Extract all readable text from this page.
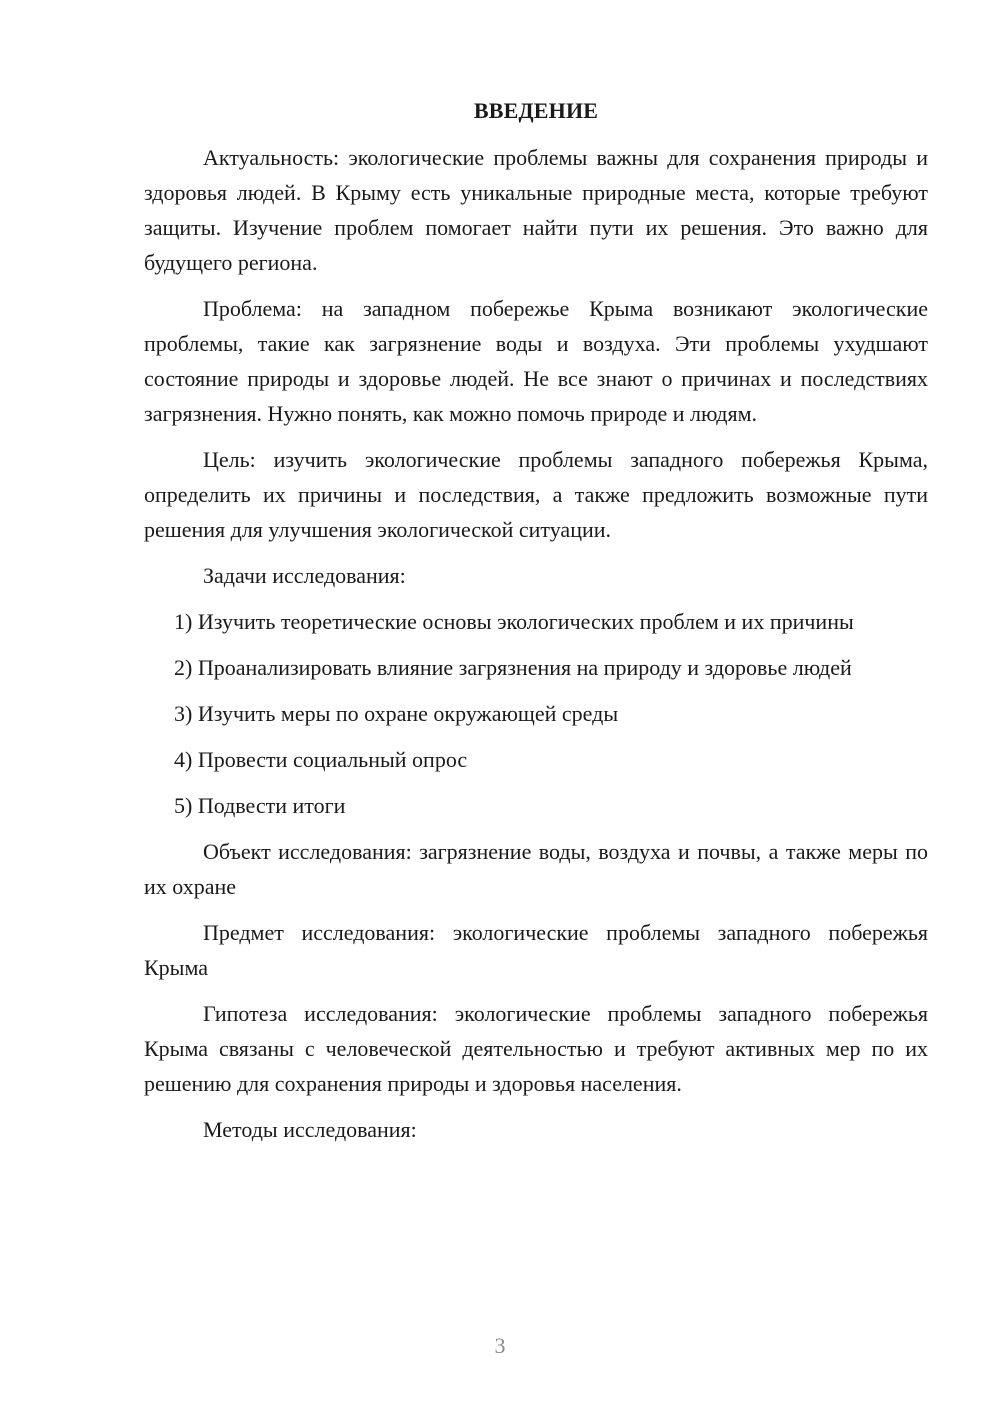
ВВЕДЕНИЕ

Актуальность: экологические проблемы важны для сохранения природы и здоровья людей. В Крыму есть уникальные природные места, которые требуют защиты. Изучение проблем помогает найти пути их решения. Это важно для будущего региона.

Проблема: на западном побережье Крыма возникают экологические проблемы, такие как загрязнение воды и воздуха. Эти проблемы ухудшают состояние природы и здоровье людей. Не все знают о причинах и последствиях загрязнения. Нужно понять, как можно помочь природе и людям.

Цель: изучить экологические проблемы западного побережья Крыма, определить их причины и последствия, а также предложить возможные пути решения для улучшения экологической ситуации.

Задачи исследования:

1) Изучить теоретические основы экологических проблем и их причины

2) Проанализировать влияние загрязнения на природу и здоровье людей

3) Изучить меры по охране окружающей среды

4) Провести социальный опрос

5) Подвести итоги

Объект исследования: загрязнение воды, воздуха и почвы, а также меры по их охране

Предмет исследования: экологические проблемы западного побережья Крыма

Гипотеза исследования: экологические проблемы западного побережья Крыма связаны с человеческой деятельностью и требуют активных мер по их решению для сохранения природы и здоровья населения.

Методы исследования:

3
